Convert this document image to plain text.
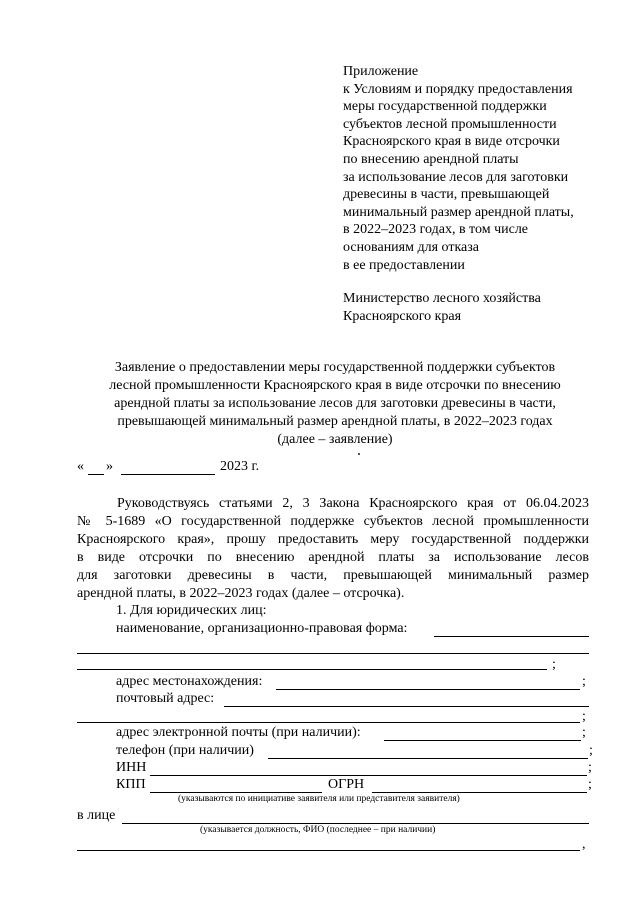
Приложение
к Условиям и порядку предоставления
меры государственной поддержки
субъектов лесной промышленности
Красноярского края в виде отсрочки
по внесению арендной платы
за использование лесов для заготовки
древесины в части, превышающей
минимальный размер арендной платы,
в 2022–2023 годах, в том числе
основаниям для отказа
в ее предоставлении
Министерство лесного хозяйства
Красноярского края
Заявление о предоставлении меры государственной поддержки субъектов
лесной промышленности Красноярского края в виде отсрочки по внесению
арендной платы за использование лесов для заготовки древесины в части,
превышающей минимальный размер арендной платы, в 2022–2023 годах
(далее – заявление)
« »	2023 г.
Руководствуясь статьями 2, 3 Закона Красноярского края от 06.04.2023
№ 5-1689 «О государственной поддержке субъектов лесной промышленности
Красноярского края», прошу предоставить меру государственной поддержки
в виде отсрочки по внесению арендной платы за использование лесов
для заготовки древесины в части, превышающей минимальный размер
арендной платы, в 2022–2023 годах (далее – отсрочка).
1. Для юридических лиц:
наименование, организационно-правовая форма:
;
адрес местонахождения:	;
почтовый адрес:
;
адрес электронной почты (при наличии):	;
телефон (при наличии)	;
ИНН	;
КПП	ОГРН	;
(указываются по инициативе заявителя или представителя заявителя)
в лице
(указывается должность, ФИО (последнее – при наличии)
,
